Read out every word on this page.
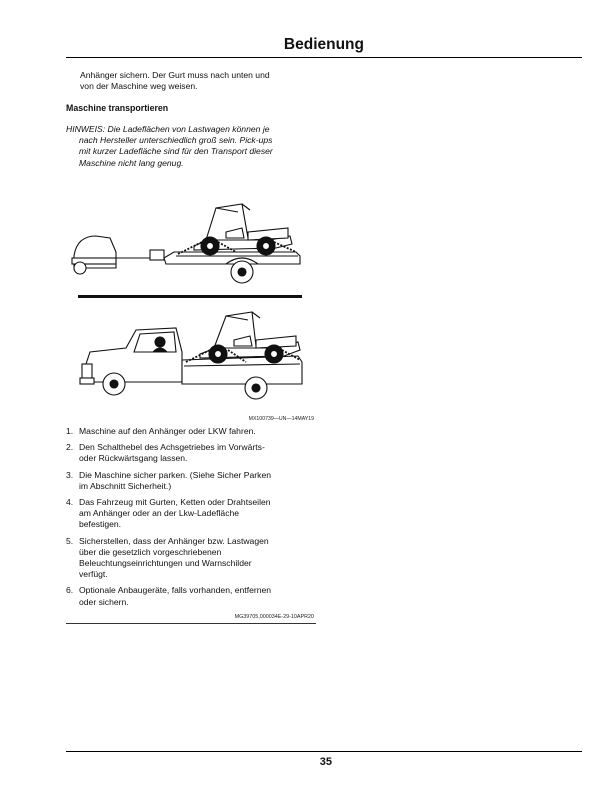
Bedienung
Anhänger sichern. Der Gurt muss nach unten und
von der Maschine weg weisen.
Maschine transportieren
HINWEIS: Die Ladeflächen von Lastwagen können je
nach Hersteller unterschiedlich groß sein. Pick-ups
mit kurzer Ladefläche sind für den Transport dieser
Maschine nicht lang genug.
MX100739—UN—14MAY19
1. Maschine auf den Anhänger oder LKW fahren.
2. Den Schalthebel des Achsgetriebes im Vorwärts-
oder Rückwärtsgang lassen.
3. Die Maschine sicher parken. (Siehe Sicher Parken
im Abschnitt Sicherheit.)
4. Das Fahrzeug mit Gurten, Ketten oder Drahtseilen
am Anhänger oder an der Lkw-Ladefläche
befestigen.
5. Sicherstellen, dass der Anhänger bzw. Lastwagen
über die gesetzlich vorgeschriebenen
Beleuchtungseinrichtungen und Warnschilder
verfügt.
6. Optionale Anbaugeräte, falls vorhanden, entfernen
oder sichern.
MG39705,000034E-29-10APR20
35
